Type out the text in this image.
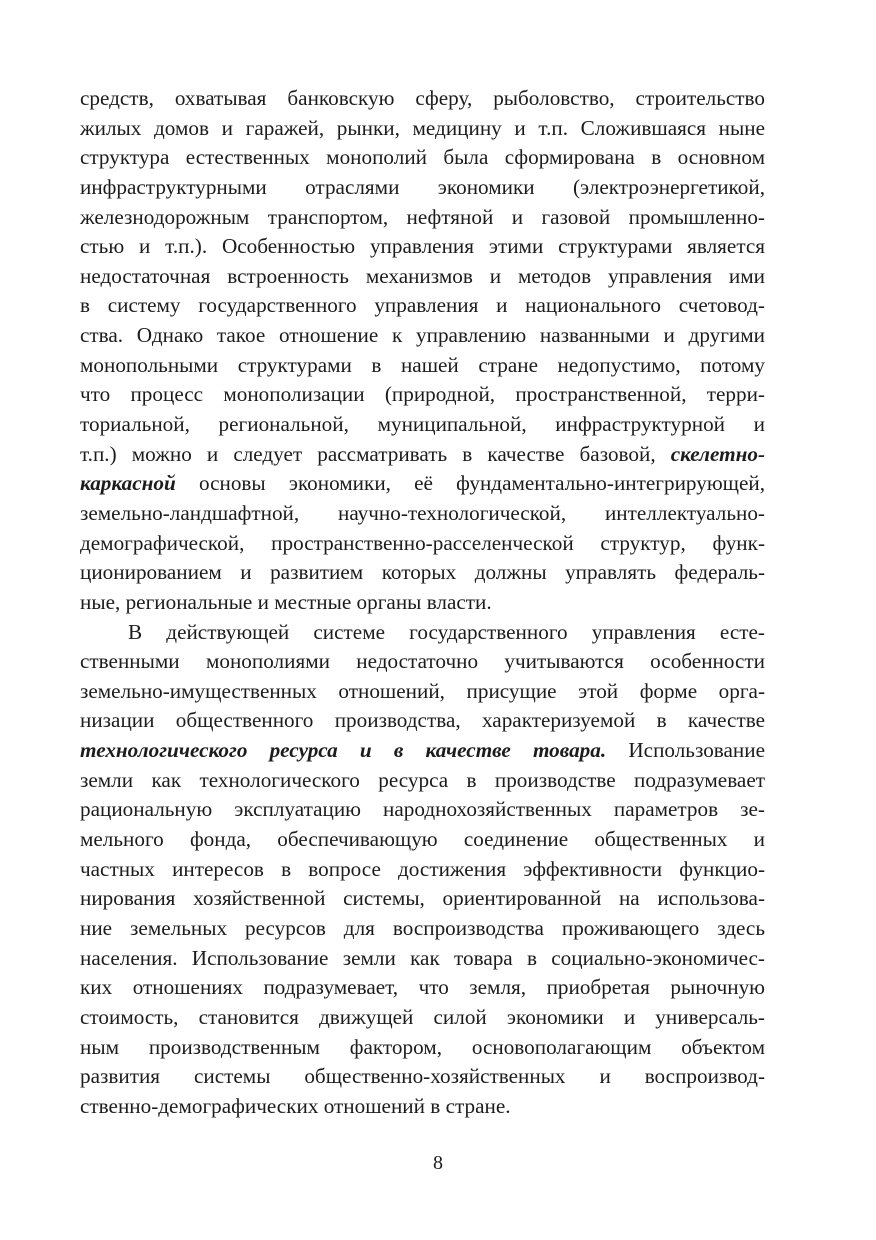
средств, охватывая банковскую сферу, рыболовство, строительство
жилых домов и гаражей, рынки, медицину и т.п. Сложившаяся ныне
структура естественных монополий была сформирована в основном
инфраструктурными отраслями экономики (электроэнергетикой,
железнодорожным транспортом, нефтяной и газовой промышленно-
стью и т.п.). Особенностью управления этими структурами является
недостаточная встроенность механизмов и методов управления ими
в систему государственного управления и национального счетовод-
ства. Однако такое отношение к управлению названными и другими
монопольными структурами в нашей стране недопустимо, потому
что процесс монополизации (природной, пространственной, терри-
ториальной, региональной, муниципальной, инфраструктурной и
т.п.) можно и следует рассматривать в качестве базовой, скелетно-
каркасной основы экономики, её фундаментально-интегрирующей,
земельно-ландшафтной, научно-технологической, интеллектуально-
демографической, пространственно-расселенческой структур, функ-
ционированием и развитием которых должны управлять федераль-
ные, региональные и местные органы власти.
В действующей системе государственного управления есте-
ственными монополиями недостаточно учитываются особенности
земельно-имущественных отношений, присущие этой форме орга-
низации общественного производства, характеризуемой в качестве
технологического ресурса и в качестве товара. Использование
земли как технологического ресурса в производстве подразумевает
рациональную эксплуатацию народнохозяйственных параметров зе-
мельного фонда, обеспечивающую соединение общественных и
частных интересов в вопросе достижения эффективности функцио-
нирования хозяйственной системы, ориентированной на использова-
ние земельных ресурсов для воспроизводства проживающего здесь
населения. Использование земли как товара в социально-экономичес-
ких отношениях подразумевает, что земля, приобретая рыночную
стоимость, становится движущей силой экономики и универсаль-
ным производственным фактором, основополагающим объектом
развития системы общественно-хозяйственных и воспроизвод-
ственно-демографических отношений в стране.
8
